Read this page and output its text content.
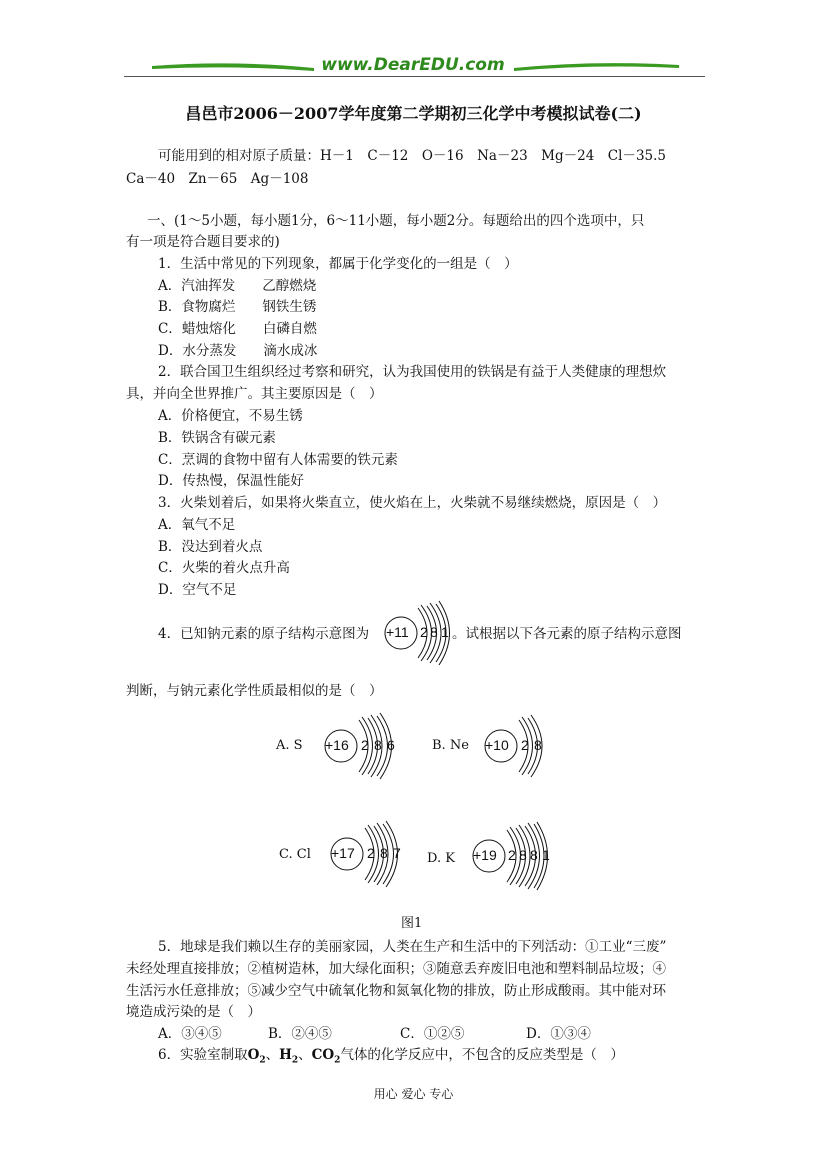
www.DearEDU.com
昌邑市2006－2007学年度第二学期初三化学中考模拟试卷(二)
可能用到的相对原子质量：H－1　C－12　O－16　Na－23　Mg－24　Cl－35.5
Ca－40　Zn－65　Ag－108
一、(1～5小题，每小题1分，6～11小题，每小题2分。每题给出的四个选项中，只
有一项是符合题目要求的)
1．生活中常见的下列现象，都属于化学变化的一组是（　）
A．汽油挥发　　乙醇燃烧
B．食物腐烂　　钢铁生锈
C．蜡烛熔化　　白磷自燃
D．水分蒸发　　滴水成冰
2．联合国卫生组织经过考察和研究，认为我国使用的铁锅是有益于人类健康的理想炊
具，并向全世界推广。其主要原因是（　）
A．价格便宜，不易生锈
B．铁锅含有碳元素
C．烹调的食物中留有人体需要的铁元素
D．传热慢，保温性能好
3．火柴划着后，如果将火柴直立，使火焰在上，火柴就不易继续燃烧，原因是（　）
A．氧气不足
B．没达到着火点
C．火柴的着火点升高
D．空气不足
4．已知钠元素的原子结构示意图为 +11 2 8 1 。试根据以下各元素的原子结构示意图
判断，与钠元素化学性质最相似的是（　）
A. S +16 2 8 6	B. Ne +10 2 8
C. Cl +17 2 8 7 D. K +19 2 8 8 1
图1
5．地球是我们赖以生存的美丽家园，人类在生产和生活中的下列活动：①工业“三废”
未经处理直接排放；②植树造林，加大绿化面积；③随意丢弃废旧电池和塑料制品垃圾；④
生活污水任意排放；⑤减少空气中硫氧化物和氮氧化物的排放，防止形成酸雨。其中能对环
境造成污染的是（　）
A．③④⑤	B．②④⑤	C．①②⑤	D．①③④
6．实验室制取$O_2$、$H_2$、$CO_2$气体的化学反应中，不包含的反应类型是（　）
用心 爱心 专心
